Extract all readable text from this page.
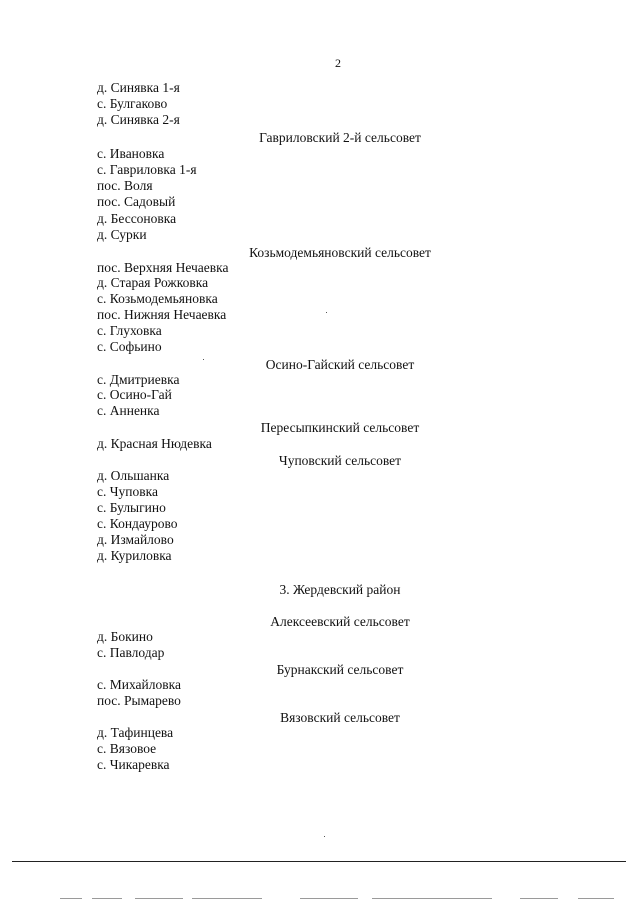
2
д. Синявка 1-я
с. Булгаково
д. Синявка 2-я
Гавриловский 2-й сельсовет
с. Ивановка
с. Гавриловка 1-я
пос. Воля
пос. Садовый
д. Бессоновка
д. Сурки
Козьмодемьяновский сельсовет
пос. Верхняя Нечаевка
д. Старая Рожковка
с. Козьмодемьяновка
пос. Нижняя Нечаевка
с. Глуховка
с. Софьино
Осино-Гайский сельсовет
с. Дмитриевка
с. Осино-Гай
с. Анненка
Пересыпкинский сельсовет
д. Красная Нюдевка
Чуповский сельсовет
д. Ольшанка
с. Чуповка
с. Булыгино
с. Кондаурово
д. Измайлово
д. Куриловка
3. Жердевский район
Алексеевский сельсовет
д. Бокино
с. Павлодар
Бурнакский сельсовет
с. Михайловка
пос. Рымарево
Вязовский сельсовет
д. Тафинцева
с. Вязовое
с. Чикаревка
